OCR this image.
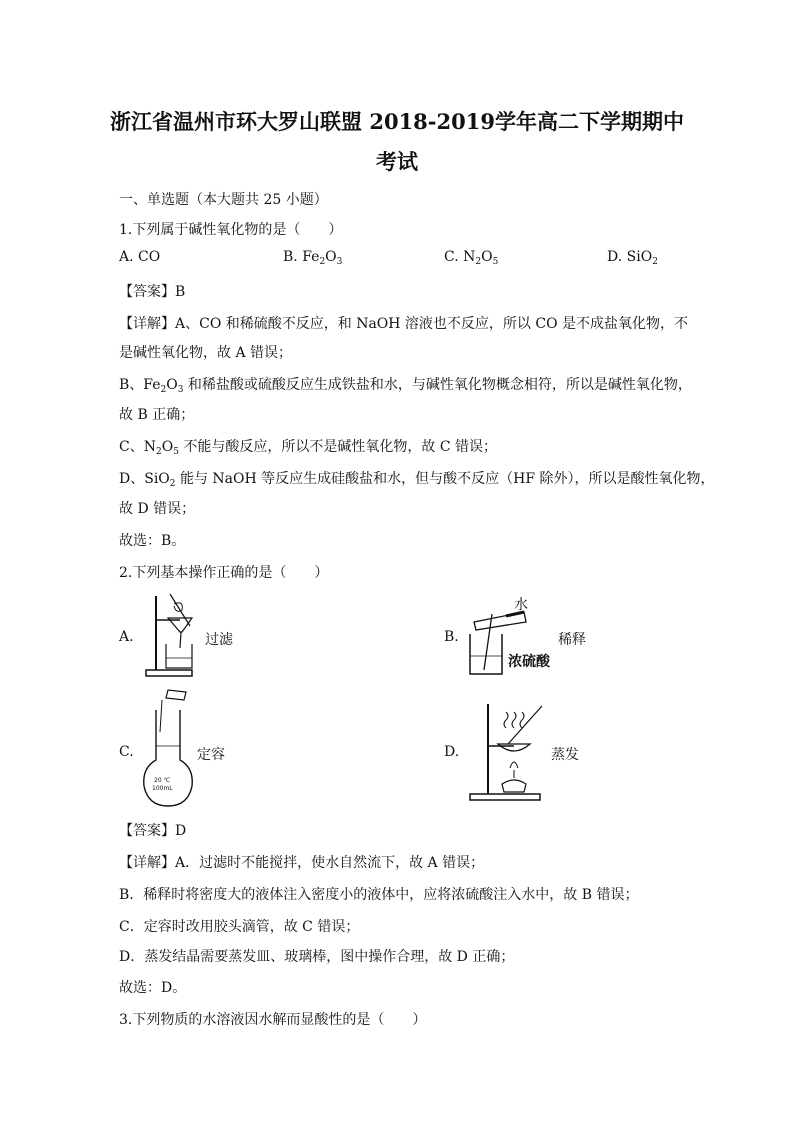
浙江省温州市环大罗山联盟 2018-2019学年高二下学期期中
考试
一、单选题（本大题共 25 小题）
1.下列属于碱性氧化物的是（　　）
A. CO	B. $Fe_2O_3$	C. $N_2O_5$	D. SiO$_2$
【答案】B
【详解】A、CO 和稀硫酸不反应，和 NaOH 溶液也不反应，所以 CO 是不成盐氧化物，不
是碱性氧化物，故 A 错误；
B、$Fe_2O_3$ 和稀盐酸或硫酸反应生成铁盐和水，与碱性氧化物概念相符，所以是碱性氧化物，
故 B 正确；
C、$N_2O_5$ 不能与酸反应，所以不是碱性氧化物，故 C 错误；
D、SiO$_2$ 能与 NaOH 等反应生成硅酸盐和水，但与酸不反应（HF 除外），所以是酸性氧化物，
故 D 错误；
故选：B。
2.下列基本操作正确的是（　　）
A.	过滤	B.
水
浓硫酸
稀释
C.
20 ℃
100mL
定容	D.	蒸发
【答案】D
【详解】A．过滤时不能搅拌，使水自然流下，故 A 错误；
B．稀释时将密度大的液体注入密度小的液体中，应将浓硫酸注入水中，故 B 错误；
C．定容时改用胶头滴管，故 C 错误；
D．蒸发结晶需要蒸发皿、玻璃棒，图中操作合理，故 D 正确；
故选：D。
3.下列物质的水溶液因水解而显酸性的是（　　）
